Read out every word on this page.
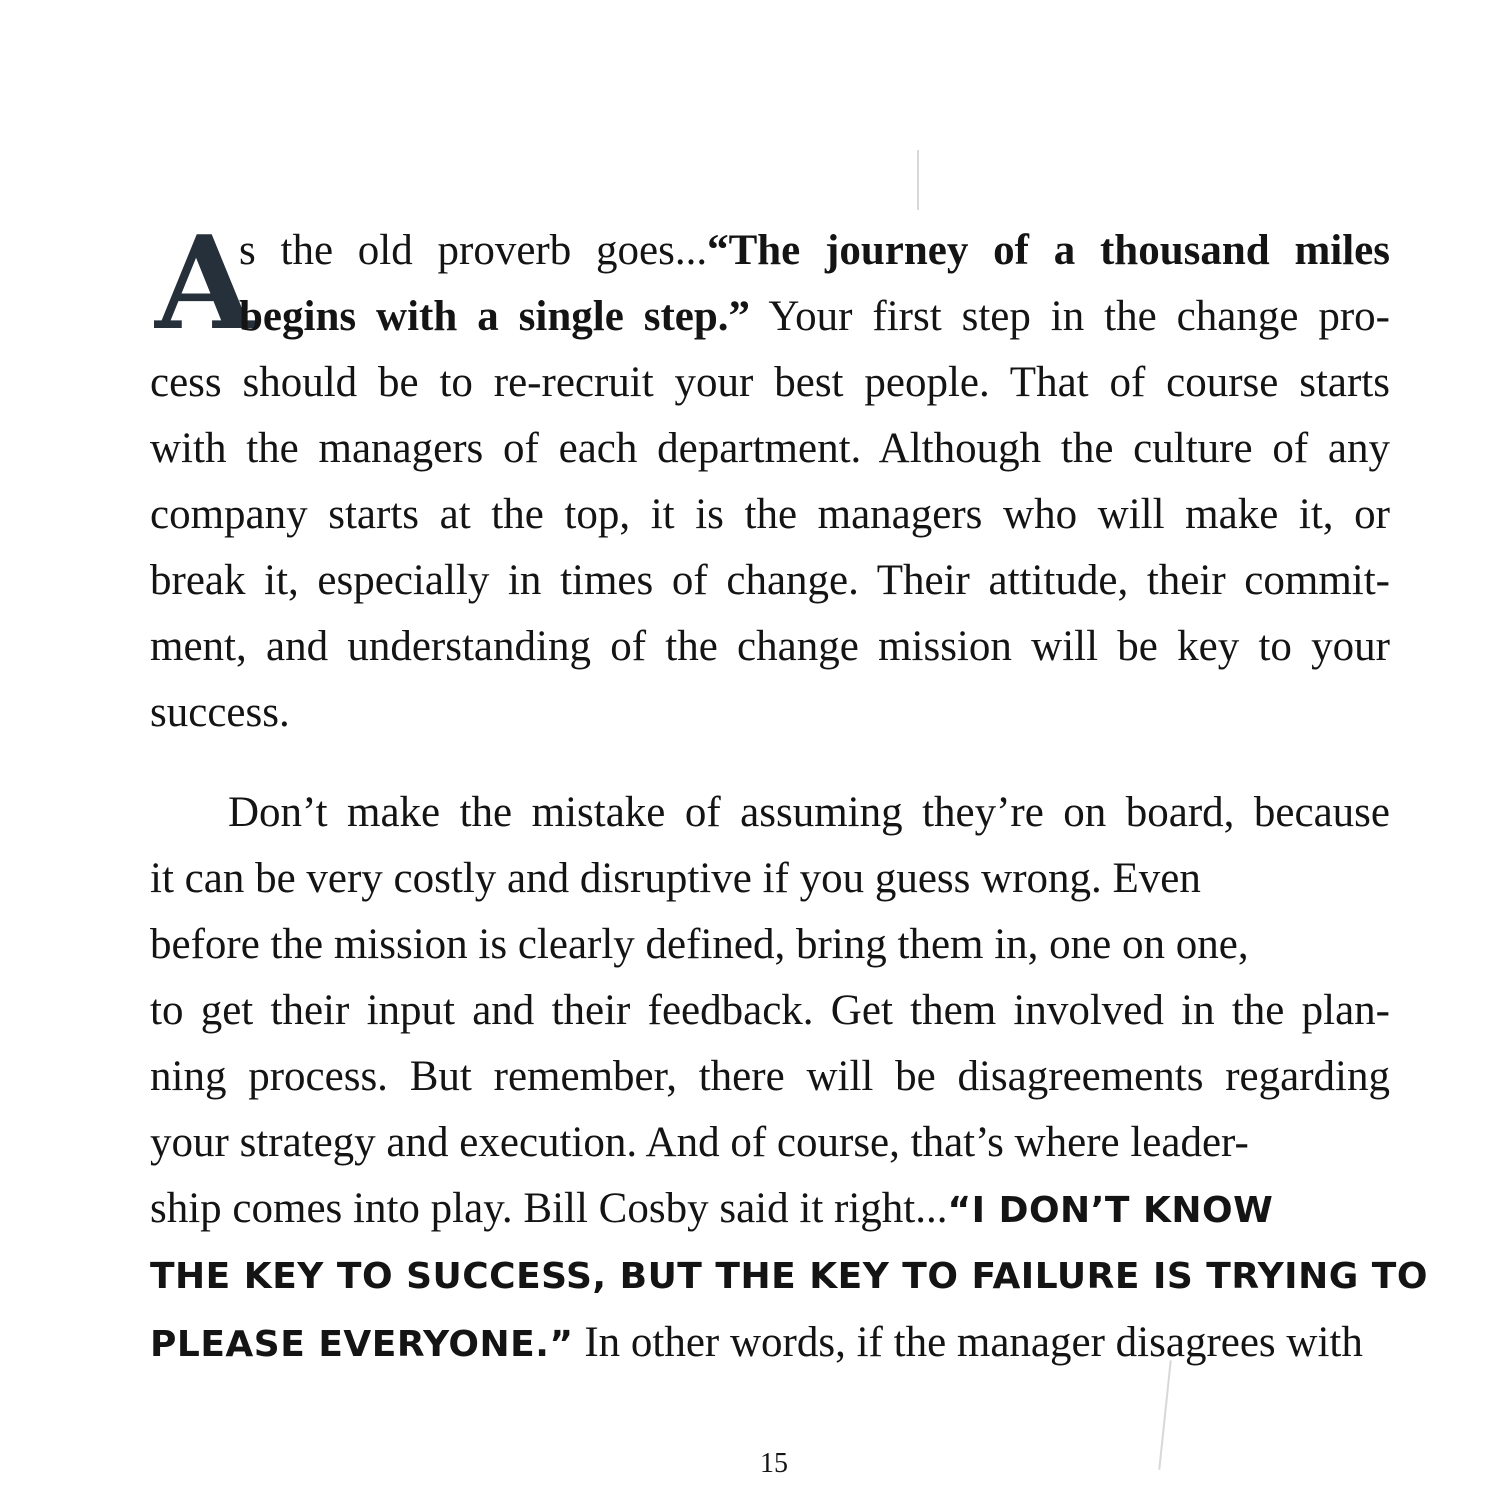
A
s the old proverb goes...“The journey of a thousand miles
begins with a single step.” Your first step in the change pro-
cess should be to re-recruit your best people. That of course starts
with the managers of each department. Although the culture of any
company starts at the top, it is the managers who will make it, or
break it, especially in times of change. Their attitude, their commit-
ment, and understanding of the change mission will be key to your
success.
Don’t make the mistake of assuming they’re on board, because
it can be very costly and disruptive if you guess wrong. Even
before the mission is clearly defined, bring them in, one on one,
to get their input and their feedback. Get them involved in the plan-
ning process. But remember, there will be disagreements regarding
your strategy and execution. And of course, that’s where leader-
ship comes into play. Bill Cosby said it right...“I DON’T KNOW
THE KEY TO SUCCESS, BUT THE KEY TO FAILURE IS TRYING TO
PLEASE EVERYONE.” In other words, if the manager disagrees with
15
